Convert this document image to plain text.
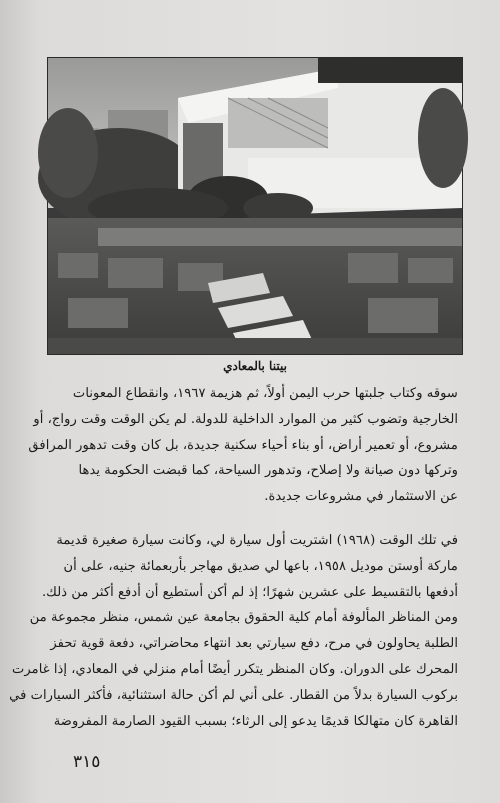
بيتنا بالمعادي
سوقه وكتاب جلبتها حرب اليمن أولاً، ثم هزيمة ١٩٦٧، وانقطاع المعونات
الخارجية وتضوب كثير من الموارد الداخلية للدولة. لم يكن الوقت وقت رواج، أو
مشروع، أو تعمير أراض، أو بناء أحياء سكنية جديدة، بل كان وقت تدهور المرافق
وتركها دون صيانة ولا إصلاح، وتدهور السياحة، كما قبضت الحكومة يدها
عن الاستثمار في مشروعات جديدة.
في تلك الوقت (١٩٦٨) اشتريت أول سيارة لي، وكانت سيارة صغيرة قديمة
ماركة أوستن موديل ١٩٥٨، باعها لي صديق مهاجر بأربعمائة جنيه، على أن
أدفعها بالتقسيط على عشرين شهرًا؛ إذ لم أكن أستطيع أن أدفع أكثر من ذلك.
ومن المناظر المألوفة أمام كلية الحقوق بجامعة عين شمس، منظر مجموعة من
الطلبة يحاولون في مرح، دفع سيارتي بعد انتهاء محاضراتي، دفعة قوية تحفز
المحرك على الدوران. وكان المنظر يتكرر أيضًا أمام منزلي في المعادي، إذا غامرت
بركوب السيارة بدلاً من القطار. على أني لم أكن حالة استثنائية، فأكثر السيارات في
القاهرة كان متهالكا قديمًا يدعو إلى الرثاء؛ بسبب القيود الصارمة المفروضة
٣١٥
